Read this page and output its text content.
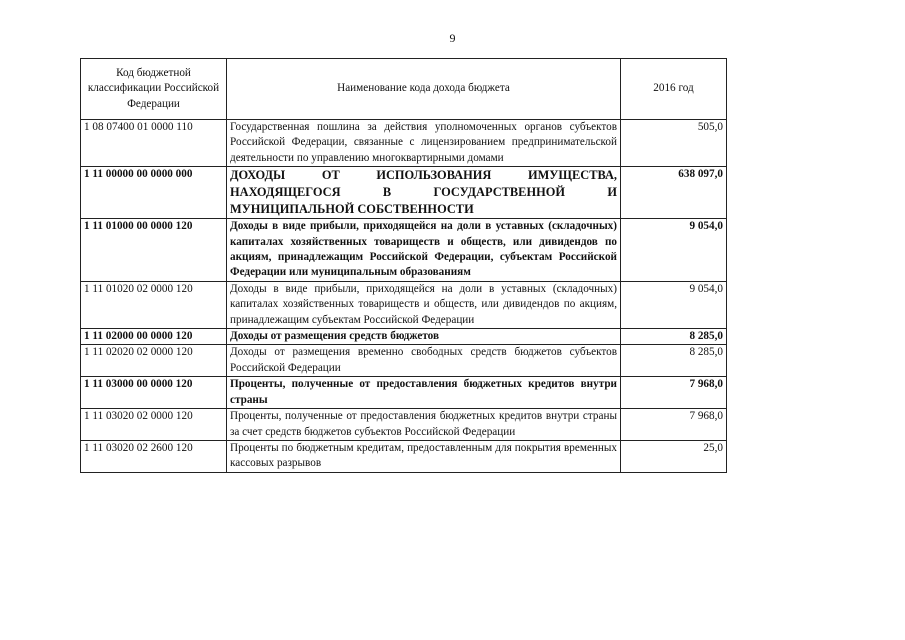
9
Код бюджетной классификации Российской Федерации	Наименование кода дохода бюджета	2016 год
1 08 07400 01 0000 110	Государственная пошлина за действия уполномоченных органов субъектов Российской Федерации, связанные с лицензированием предпринимательской деятельности по управлению многоквартирными домами	505,0
1 11 00000 00 0000 000	ДОХОДЫ ОТ ИСПОЛЬЗОВАНИЯ ИМУЩЕСТВА, НАХОДЯЩЕГОСЯ В ГОСУДАРСТВЕННОЙ И МУНИЦИПАЛЬНОЙ СОБСТВЕННОСТИ	638 097,0
1 11 01000 00 0000 120	Доходы в виде прибыли, приходящейся на доли в уставных (складочных) капиталах хозяйственных товариществ и обществ, или дивидендов по акциям, принадлежащим Российской Федерации, субъектам Российской Федерации или муниципальным образованиям	9 054,0
1 11 01020 02 0000 120	Доходы в виде прибыли, приходящейся на доли в уставных (складочных) капиталах хозяйственных товариществ и обществ, или дивидендов по акциям, принадлежащим субъектам Российской Федерации	9 054,0
1 11 02000 00 0000 120	Доходы от размещения средств бюджетов	8 285,0
1 11 02020 02 0000 120	Доходы от размещения временно свободных средств бюджетов субъектов Российской Федерации	8 285,0
1 11 03000 00 0000 120	Проценты, полученные от предоставления бюджетных кредитов внутри страны	7 968,0
1 11 03020 02 0000 120	Проценты, полученные от предоставления бюджетных кредитов внутри страны за счет средств бюджетов субъектов Российской Федерации	7 968,0
1 11 03020 02 2600 120	Проценты по бюджетным кредитам, предоставленным для покрытия временных кассовых разрывов	25,0
